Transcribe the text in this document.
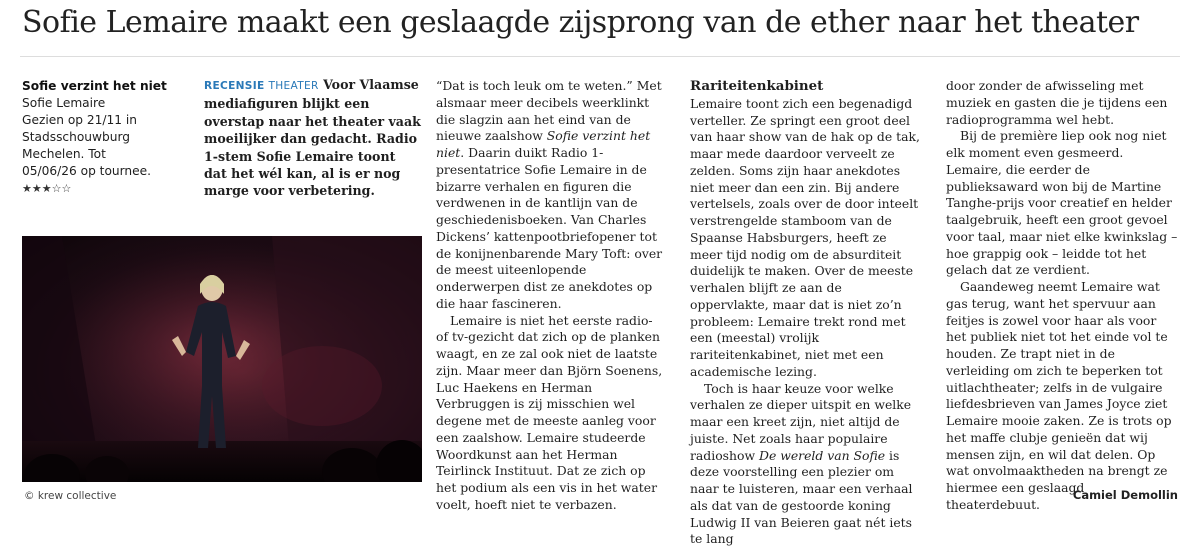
Sofie Lemaire maakt een geslaagde zijsprong van de ether naar het theater
Sofie verzint het niet
Sofie Lemaire
Gezien op 21/11 in
Stadsschouwburg
Mechelen. Tot
05/06/26 op tournee.
★★★☆☆
RECENSIE THEATER Voor Vlaamse mediafiguren blijkt een overstap naar het theater vaak moeilijker dan gedacht. Radio 1-stem Sofie Lemaire toont dat het wél kan, al is er nog marge voor verbetering.
© krew collective

“Dat is toch leuk om te weten.” Met alsmaar meer decibels weerklinkt die slagzin aan het eind van de nieuwe zaalshow Sofie verzint het niet. Daarin duikt Radio 1-presentatrice Sofie Lemaire in de bizarre verhalen en figuren die verdwenen in de kantlijn van de geschiedenisboeken. Van Charles Dickens’ kattenpootbriefopener tot de konijnenbarende Mary Toft: over de meest uiteenlopende onderwerpen dist ze anekdotes op die haar fascineren.

Lemaire is niet het eerste radio- of tv-gezicht dat zich op de planken waagt, en ze zal ook niet de laatste zijn. Maar meer dan Björn Soenens, Luc Haekens en Herman Verbruggen is zij misschien wel degene met de meeste aanleg voor een zaalshow. Lemaire studeerde Woordkunst aan het Herman Teirlinck Instituut. Dat ze zich op het podium als een vis in het water voelt, hoeft niet te verbazen.

Rariteitenkabinet

Lemaire toont zich een begenadigd verteller. Ze springt een groot deel van haar show van de hak op de tak, maar mede daardoor verveelt ze zelden. Soms zijn haar anekdotes niet meer dan een zin. Bij andere vertelsels, zoals over de door inteelt verstrengelde stamboom van de Spaanse Habsburgers, heeft ze meer tijd nodig om de absurditeit duidelijk te maken. Over de meeste verhalen blijft ze aan de oppervlakte, maar dat is niet zo’n probleem: Lemaire trekt rond met een (meestal) vrolijk rariteitenkabinet, niet met een academische lezing.

Toch is haar keuze voor welke verhalen ze dieper uitspit en welke maar een kreet zijn, niet altijd de juiste. Net zoals haar populaire radioshow De wereld van Sofie is deze voorstelling een plezier om naar te luisteren, maar een verhaal als dat van de gestoorde koning Ludwig II van Beieren gaat nét iets te lang

door zonder de afwisseling met muziek en gasten die je tijdens een radioprogramma wel hebt.

Bij de première liep ook nog niet elk moment even gesmeerd. Lemaire, die eerder de publieksaward won bij de Martine Tanghe-prijs voor creatief en helder taalgebruik, heeft een groot gevoel voor taal, maar niet elke kwinkslag – hoe grappig ook – leidde tot het gelach dat ze verdient.

Gaandeweg neemt Lemaire wat gas terug, want het spervuur aan feitjes is zowel voor haar als voor het publiek niet tot het einde vol te houden. Ze trapt niet in de verleiding om zich te beperken tot uitlachtheater; zelfs in de vulgaire liefdesbrieven van James Joyce ziet Lemaire mooie zaken. Ze is trots op het maffe clubje genieën dat wij mensen zijn, en wil dat delen. Op wat onvolmaaktheden na brengt ze hiermee een geslaagd theaterdebuut.

Camiel Demollin
